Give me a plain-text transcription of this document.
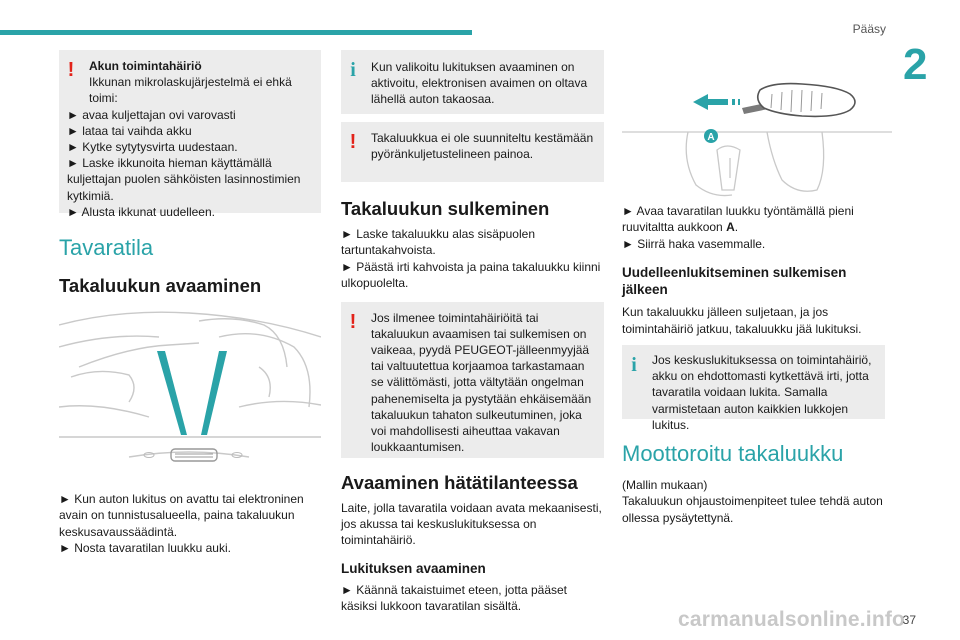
Pääsy
2
!	Akun toimintahäiriö
Ikkunan mikrolaskujärjestelmä ei ehkä toimi:
► avaa kuljettajan ovi varovasti
► lataa tai vaihda akku
► Kytke sytytysvirta uudestaan.
► Laske ikkunoita hieman käyttämällä kuljettajan puolen sähköisten lasinnostimien kytkimiä.
► Alusta ikkunat uudelleen.
Tavaratila
Takaluukun avaaminen

► Kun auton lukitus on avattu tai elektroninen avain on tunnistusalueella, paina takaluukun keskusavaussäädintä.

► Nosta tavaratilan luukku auki.

i	Kun valikoitu lukituksen avaaminen on aktivoitu, elektronisen avaimen on oltava lähellä auton takaosaa.
!	Takaluukkua ei ole suunniteltu kestämään pyöränkuljetustelineen painoa.
Takaluukun sulkeminen

► Laske takaluukku alas sisäpuolen tartuntakahvoista.

► Päästä irti kahvoista ja paina takaluukku kiinni ulkopuolelta.

!	Jos ilmenee toimintahäiriöitä tai takaluukun avaamisen tai sulkemisen on vaikeaa, pyydä PEUGEOT-jälleenmyyjää tai valtuutettua korjaamoa tarkastamaan se välittömästi, jotta vältytään ongelman pahenemiselta ja pystytään ehkäisemään takaluukun tahaton sulkeutuminen, joka voi mahdollisesti aiheuttaa vakavan loukkaantumisen.
Avaaminen hätätilanteessa

Laite, jolla tavaratila voidaan avata mekaanisesti, jos akussa tai keskuslukituksessa on toimintahäiriö.

Lukituksen avaaminen

► Käännä takaistuimet eteen, jotta pääset käsiksi lukkoon tavaratilan sisältä.

A

► Avaa tavaratilan luukku työntämällä pieni ruuvitaltta aukkoon A.

► Siirrä haka vasemmalle.

Uudelleenlukitseminen sulkemisen jälkeen

Kun takaluukku jälleen suljetaan, ja jos toimintahäiriö jatkuu, takaluukku jää lukituksi.

i	Jos keskuslukituksessa on toimintahäiriö, akku on ehdottomasti kytkettävä irti, jotta tavaratila voidaan lukita. Samalla varmistetaan auton kaikkien lukkojen lukitus.
Moottoroitu takaluukku

(Mallin mukaan)

Takaluukun ohjaustoimenpiteet tulee tehdä auton ollessa pysäytettynä.

carmanualsonline.info
37
